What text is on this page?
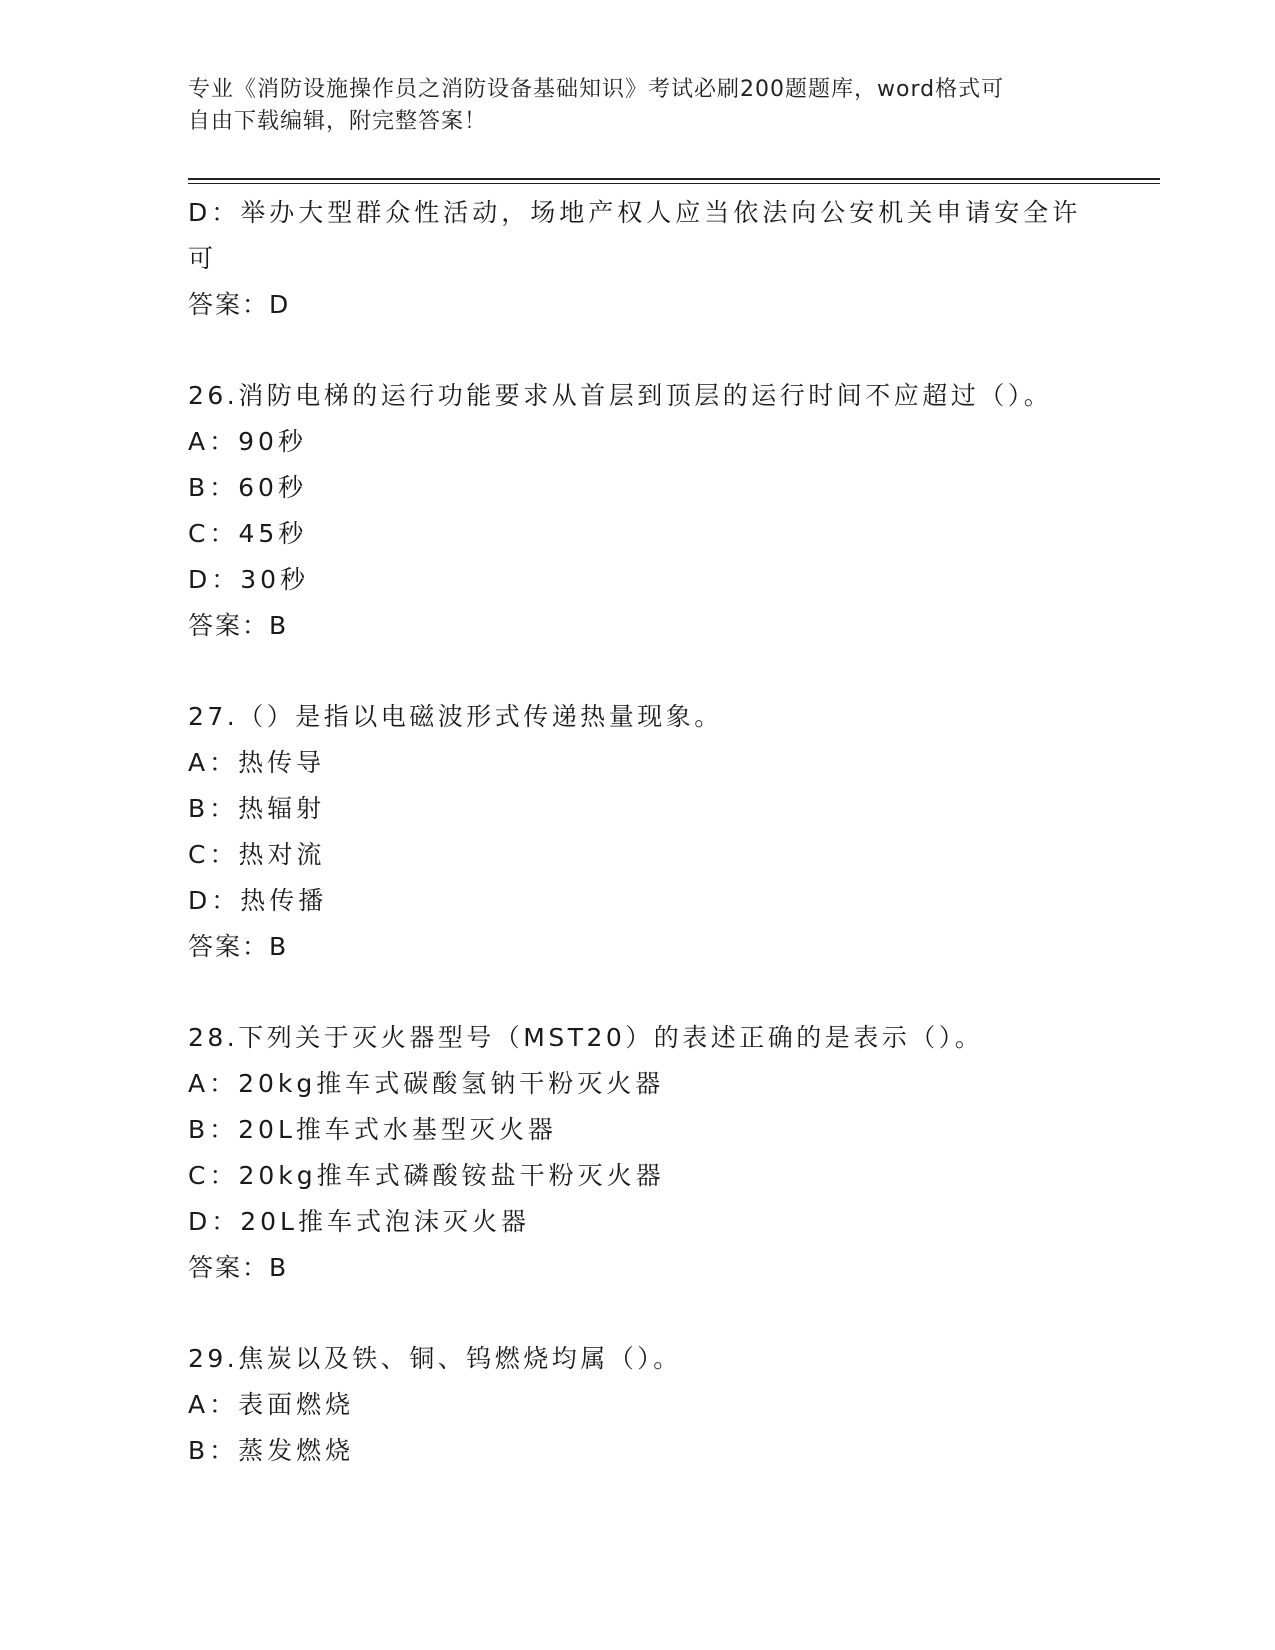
专业《消防设施操作员之消防设备基础知识》考试必刷200题题库，word格式可
自由下载编辑，附完整答案！
D：举办大型群众性活动，场地产权人应当依法向公安机关申请安全许
可
答案：D
26.消防电梯的运行功能要求从首层到顶层的运行时间不应超过（）。
A：90秒
B：60秒
C：45秒
D：30秒
答案：B
27.（）是指以电磁波形式传递热量现象。
A：热传导
B：热辐射
C：热对流
D：热传播
答案：B
28.下列关于灭火器型号（MST20）的表述正确的是表示（）。
A：20kg推车式碳酸氢钠干粉灭火器
B：20L推车式水基型灭火器
C：20kg推车式磷酸铵盐干粉灭火器
D：20L推车式泡沫灭火器
答案：B
29.焦炭以及铁、铜、钨燃烧均属（）。
A：表面燃烧
B：蒸发燃烧
